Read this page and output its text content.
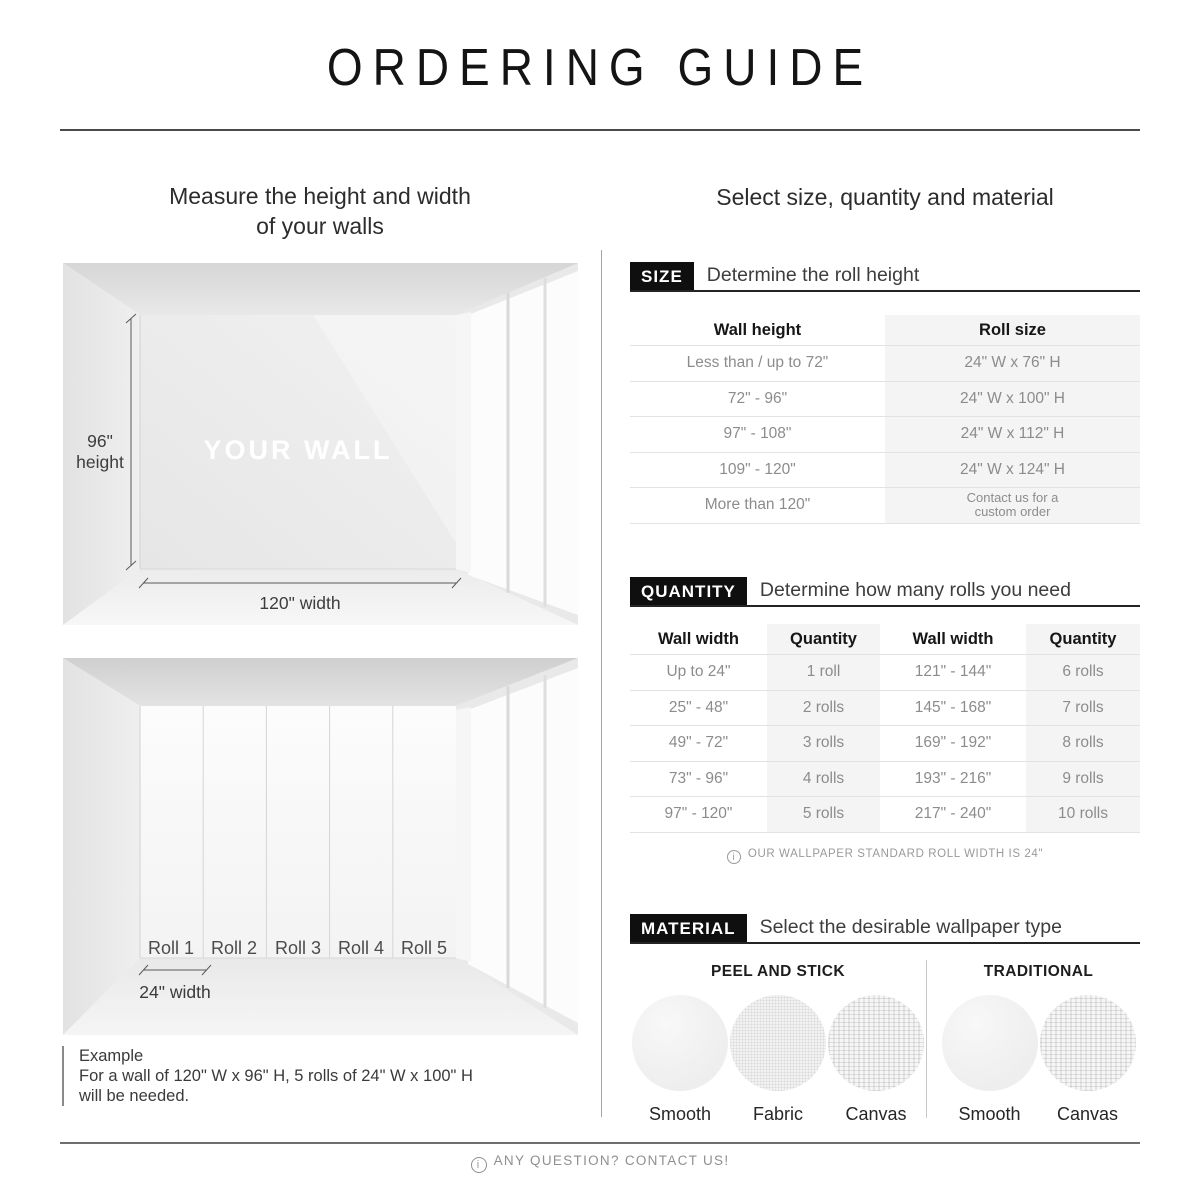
ORDERING GUIDE
Measure the height and width
of your walls
Select size, quantity and material
YOUR WALL
96"
height
120" width
Roll 1 Roll 2 Roll 3 Roll 4 Roll 5
24" width
Example
For a wall of 120" W x 96" H, 5 rolls of 24" W x 100" H
will be needed.
SIZE	Determine the roll height
Wall height	Roll size
Less than / up to 72"	24" W x 76" H
72" - 96"	24" W x 100" H
97" - 108"	24" W x 112" H
109" - 120"	24" W x 124" H
More than 120"	Contact us for a
custom order
QUANTITY	Determine how many rolls you need
Wall width	Quantity	Wall width	Quantity
Up to 24"	1 roll	121" - 144"	6 rolls
25" - 48"	2 rolls	145" - 168"	7 rolls
49" - 72"	3 rolls	169" - 192"	8 rolls
73" - 96"	4 rolls	193" - 216"	9 rolls
97" - 120"	5 rolls	217" - 240"	10 rolls
i OUR WALLPAPER STANDARD ROLL WIDTH IS 24"
MATERIAL	Select the desirable wallpaper type
PEEL AND STICK
Smooth Fabric Canvas
TRADITIONAL
Smooth Canvas
i ANY QUESTION? CONTACT US!
